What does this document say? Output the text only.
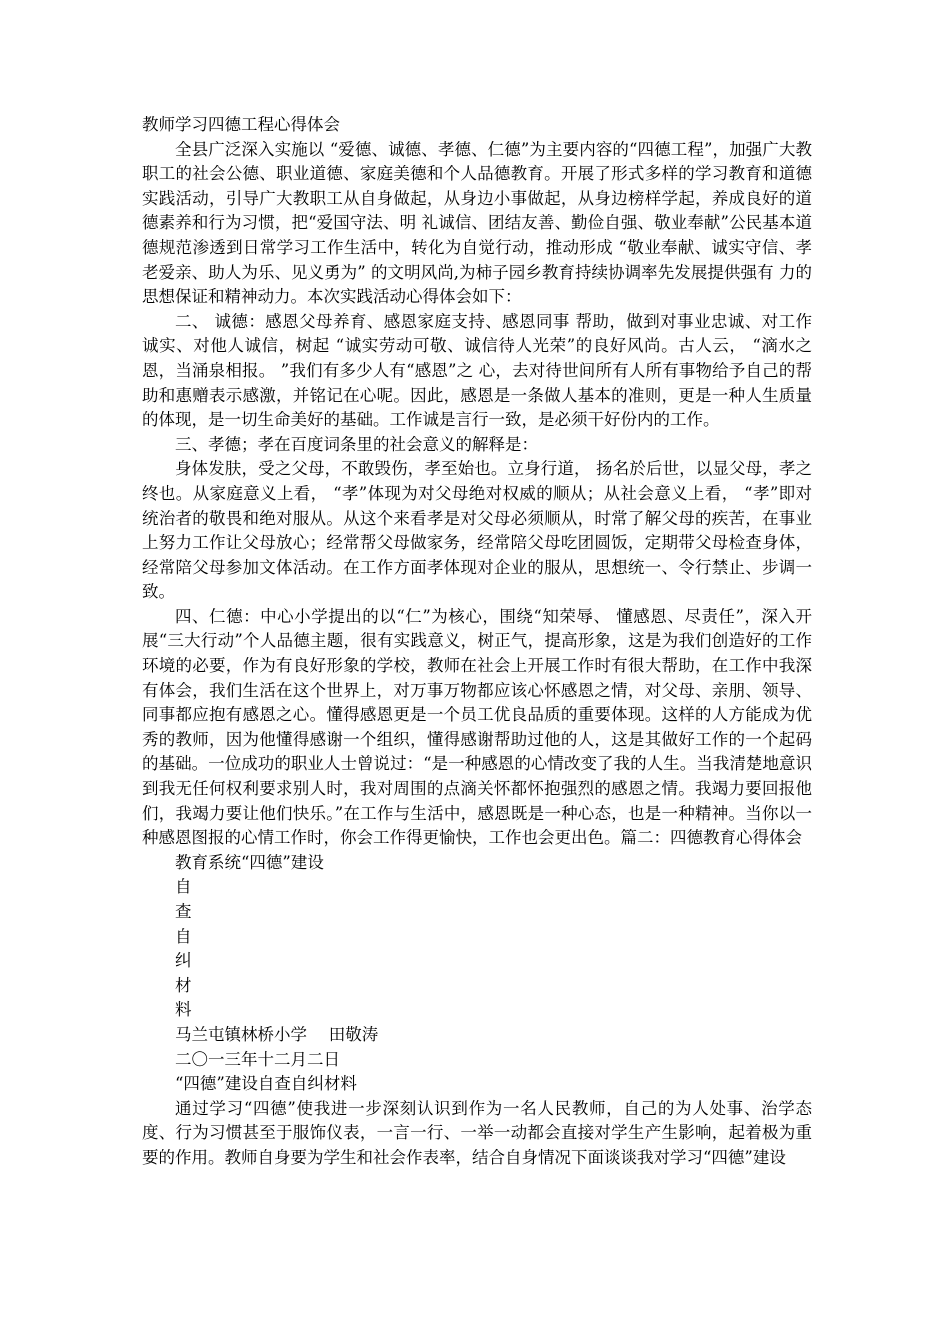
教师学习四德工程心得体会

全县广泛深入实施以 “爱德、诚德、孝德、仁德”为主要内容的“四德工程”，加强广大教职工的社会公德、职业道德、家庭美德和个人品德教育。开展了形式多样的学习教育和道德实践活动，引导广大教职工从自身做起，从身边小事做起，从身边榜样学起，养成良好的道德素养和行为习惯，把“爱国守法、明 礼诚信、团结友善、勤俭自强、敬业奉献”公民基本道德规范渗透到日常学习工作生活中，转化为自觉行动，推动形成 “敬业奉献、诚实守信、孝老爱亲、助人为乐、见义勇为” 的文明风尚,为柿子园乡教育持续协调率先发展提供强有 力的思想保证和精神动力。本次实践活动心得体会如下：

二、 诚德：感恩父母养育、感恩家庭支持、感恩同事 帮助，做到对事业忠诚、对工作诚实、对他人诚信，树起 “诚实劳动可敬、诚信待人光荣”的良好风尚。古人云， “滴水之恩，当涌泉相报。 ”我们有多少人有“感恩”之 心，去对待世间所有人所有事物给予自己的帮助和惠赠表示感激，并铭记在心呢。因此，感恩是一条做人基本的准则，更是一种人生质量的体现，是一切生命美好的基础。工作诚是言行一致，是必须干好份内的工作。

三、孝德；孝在百度词条里的社会意义的解释是：

身体发肤，受之父母，不敢毁伤，孝至始也。立身行道， 扬名於后世，以显父母，孝之终也。从家庭意义上看， “孝”体现为对父母绝对权威的顺从；从社会意义上看， “孝”即对统治者的敬畏和绝对服从。从这个来看孝是对父母必须顺从，时常了解父母的疾苦，在事业上努力工作让父母放心；经常帮父母做家务，经常陪父母吃团圆饭，定期带父母检查身体， 经常陪父母参加文体活动。在工作方面孝体现对企业的服从，思想统一、令行禁止、步调一致。

四、仁德：中心小学提出的以“仁”为核心，围绕“知荣辱、 懂感恩、尽责任”，深入开展“三大行动”个人品德主题，很有实践意义，树正气，提高形象，这是为我们创造好的工作环境的必要，作为有良好形象的学校，教师在社会上开展工作时有很大帮助，在工作中我深有体会，我们生活在这个世界上，对万事万物都应该心怀感恩之情，对父母、亲朋、领导、同事都应抱有感恩之心。懂得感恩更是一个员工优良品质的重要体现。这样的人方能成为优秀的教师，因为他懂得感谢一个组织，懂得感谢帮助过他的人，这是其做好工作的一个起码的基础。一位成功的职业人士曾说过：“是一种感恩的心情改变了我的人生。当我清楚地意识到我无任何权利要求别人时，我对周围的点滴关怀都怀抱强烈的感恩之情。我竭力要回报他们，我竭力要让他们快乐。”在工作与生活中，感恩既是一种心态，也是一种精神。当你以一种感恩图报的心情工作时，你会工作得更愉快，工作也会更出色。篇二：四德教育心得体会

教育系统“四德”建设

自

查

自

纠

材

料

马兰屯镇林桥小学 　田敬涛

二〇一三年十二月二日

“四德”建设自查自纠材料

通过学习“四德”使我进一步深刻认识到作为一名人民教师，自己的为人处事、治学态度、行为习惯甚至于服饰仪表，一言一行、一举一动都会直接对学生产生影响，起着极为重要的作用。教师自身要为学生和社会作表率，结合自身情况下面谈谈我对学习“四德”建设
